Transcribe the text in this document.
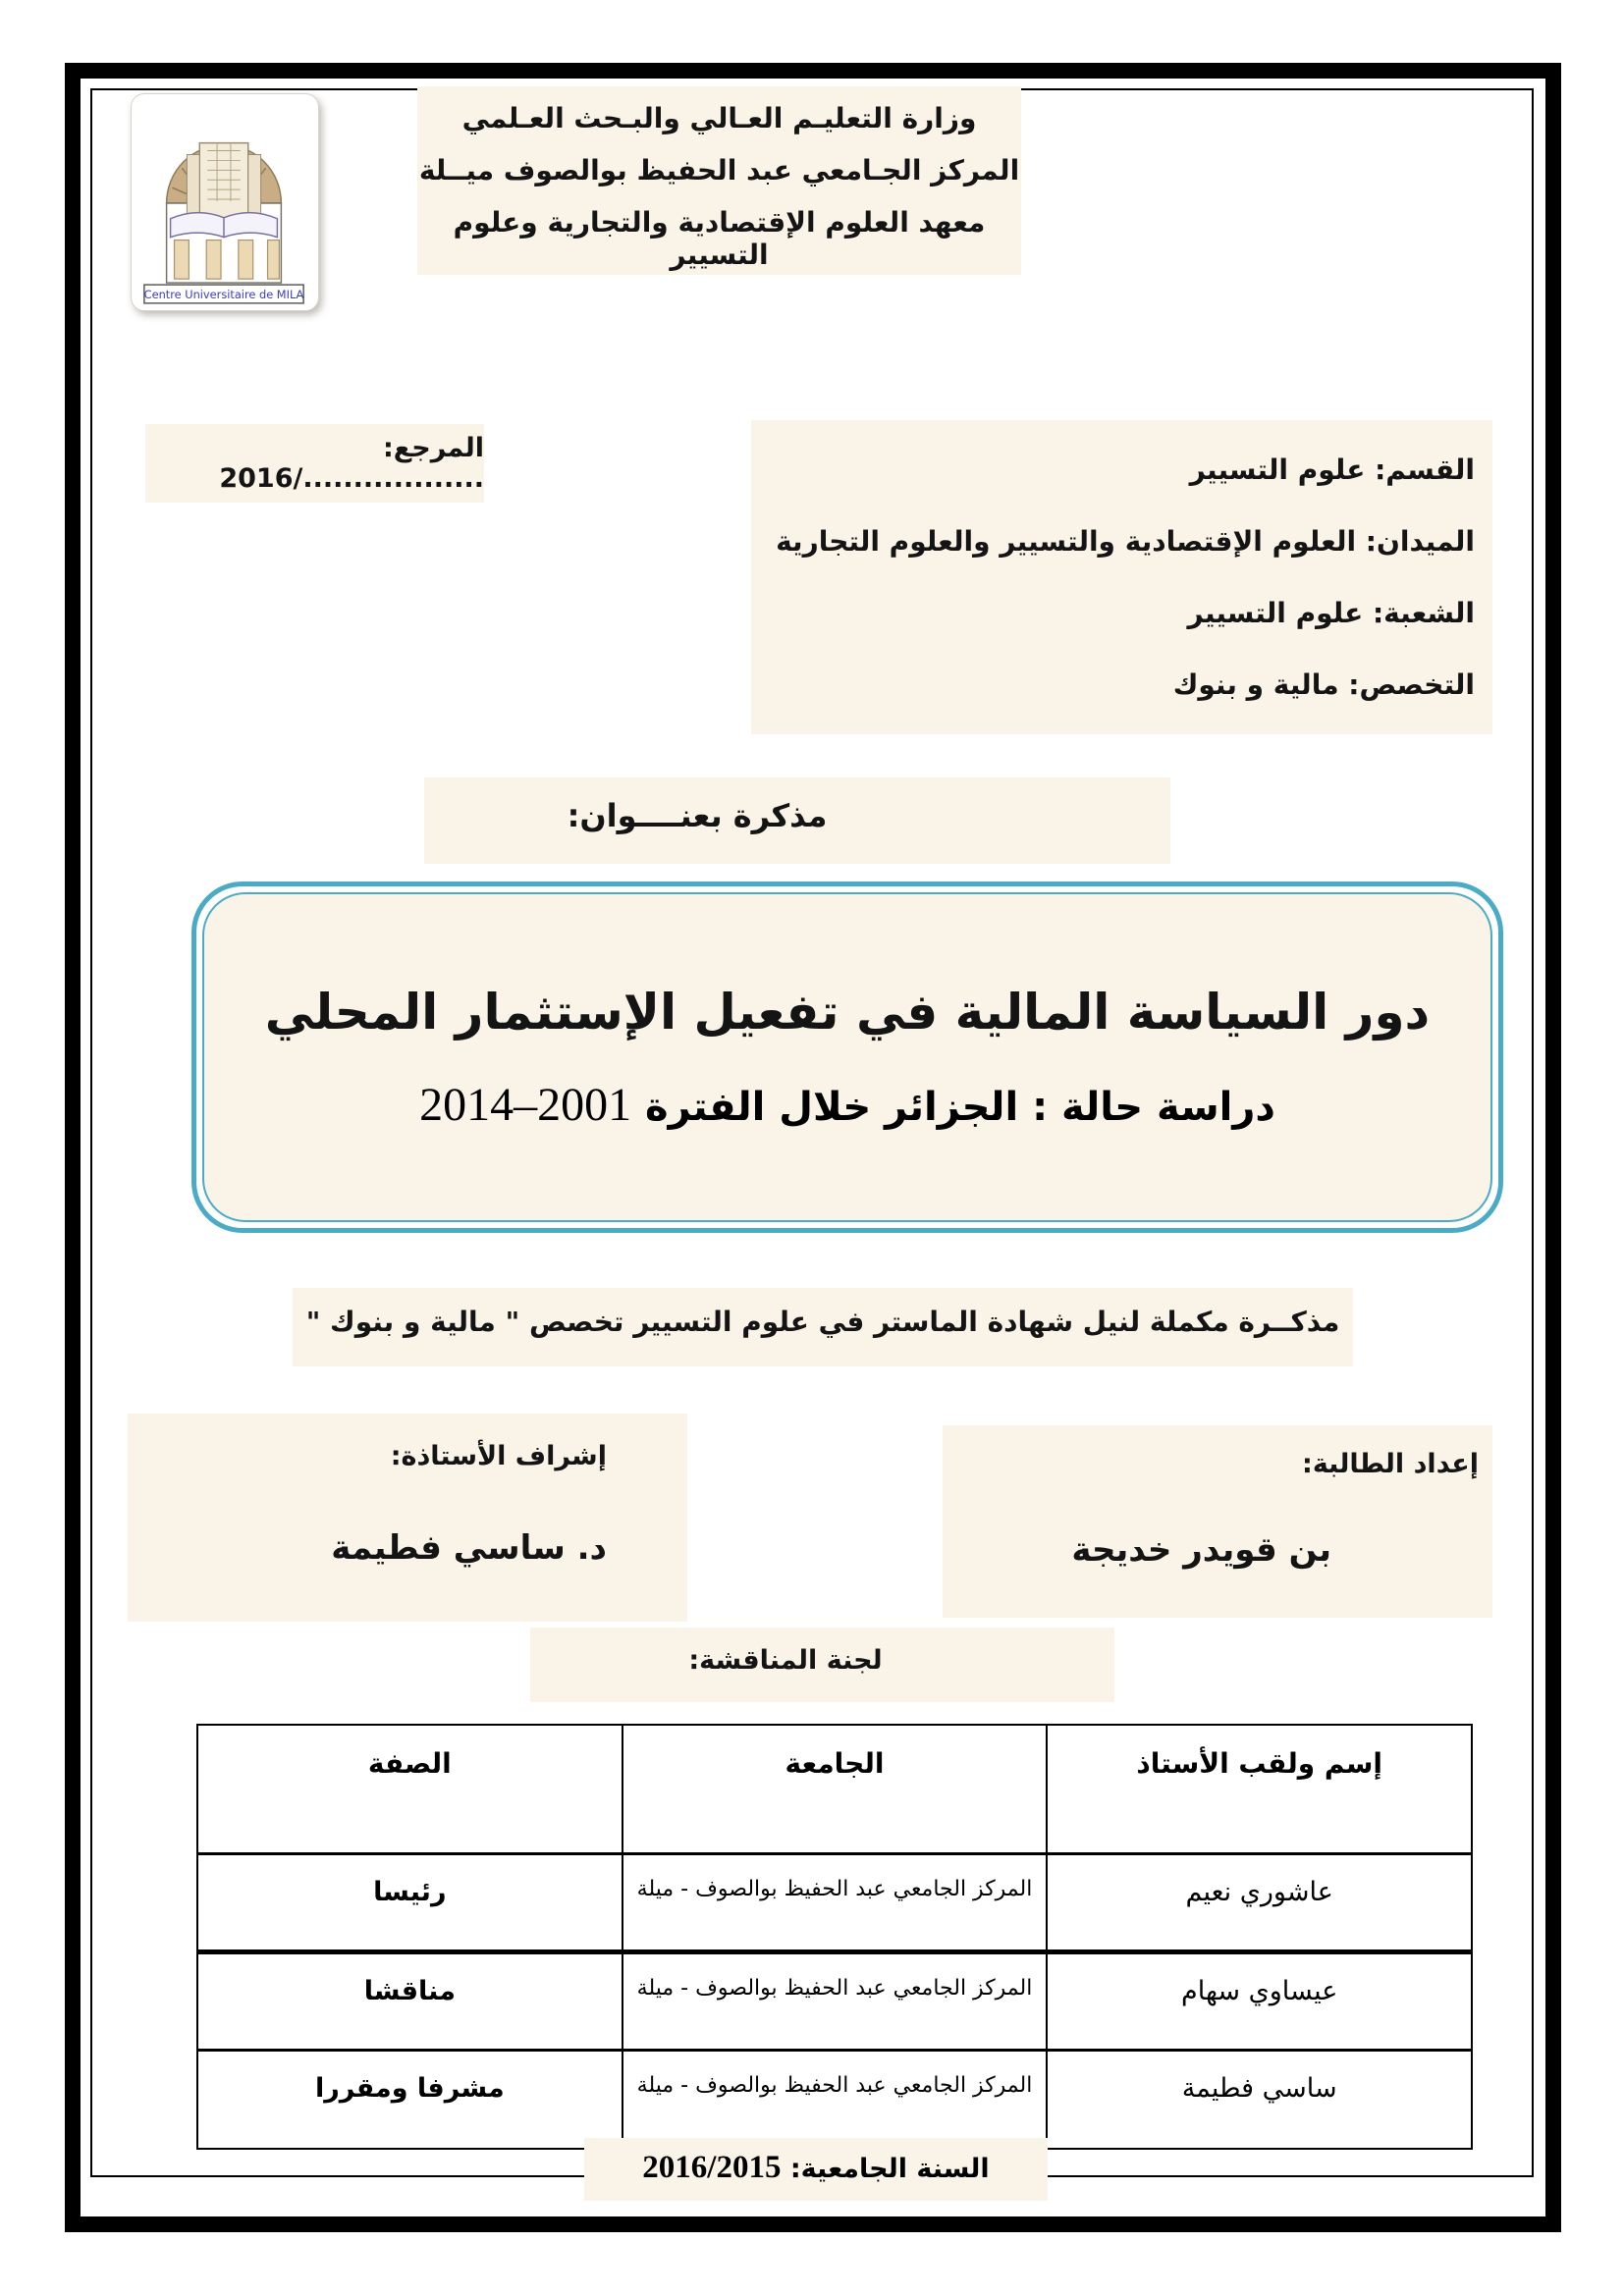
Centre Universitaire de MILA
وزارة التعليـم العـالي والبـحث العـلمي
المركز الجـامعي عبد الحفيظ بوالصوف ميــلة
معهد العلوم الإقتصادية والتجارية وعلوم التسيير
المرجع: ................../2016	القسم: علوم التسيير
الميدان: العلوم الإقتصادية والتسيير والعلوم التجارية
الشعبة: علوم التسيير
التخصص: مالية و بنوك
مذكرة بعنــــوان:
دور السياسة المالية في تفعيل الإستثمار المحلي
دراسة حالة : الجزائر خلال الفترة 2001–2014
مذكــرة مكملة لنيل شهادة الماستر في علوم التسيير تخصص " مالية و بنوك "
إشراف الأستاذة:
د. ساسي فطيمة
إعداد الطالبة:
بن قويدر خديجة
لجنة المناقشة:
إسم ولقب الأستاذ	الجامعة	الصفة
عاشوري نعيم	المركز الجامعي عبد الحفيظ بوالصوف - ميلة	رئيسا
عيساوي سهام	المركز الجامعي عبد الحفيظ بوالصوف - ميلة	مناقشا
ساسي فطيمة	المركز الجامعي عبد الحفيظ بوالصوف - ميلة	مشرفا ومقررا
السنة الجامعية: 2016/2015
